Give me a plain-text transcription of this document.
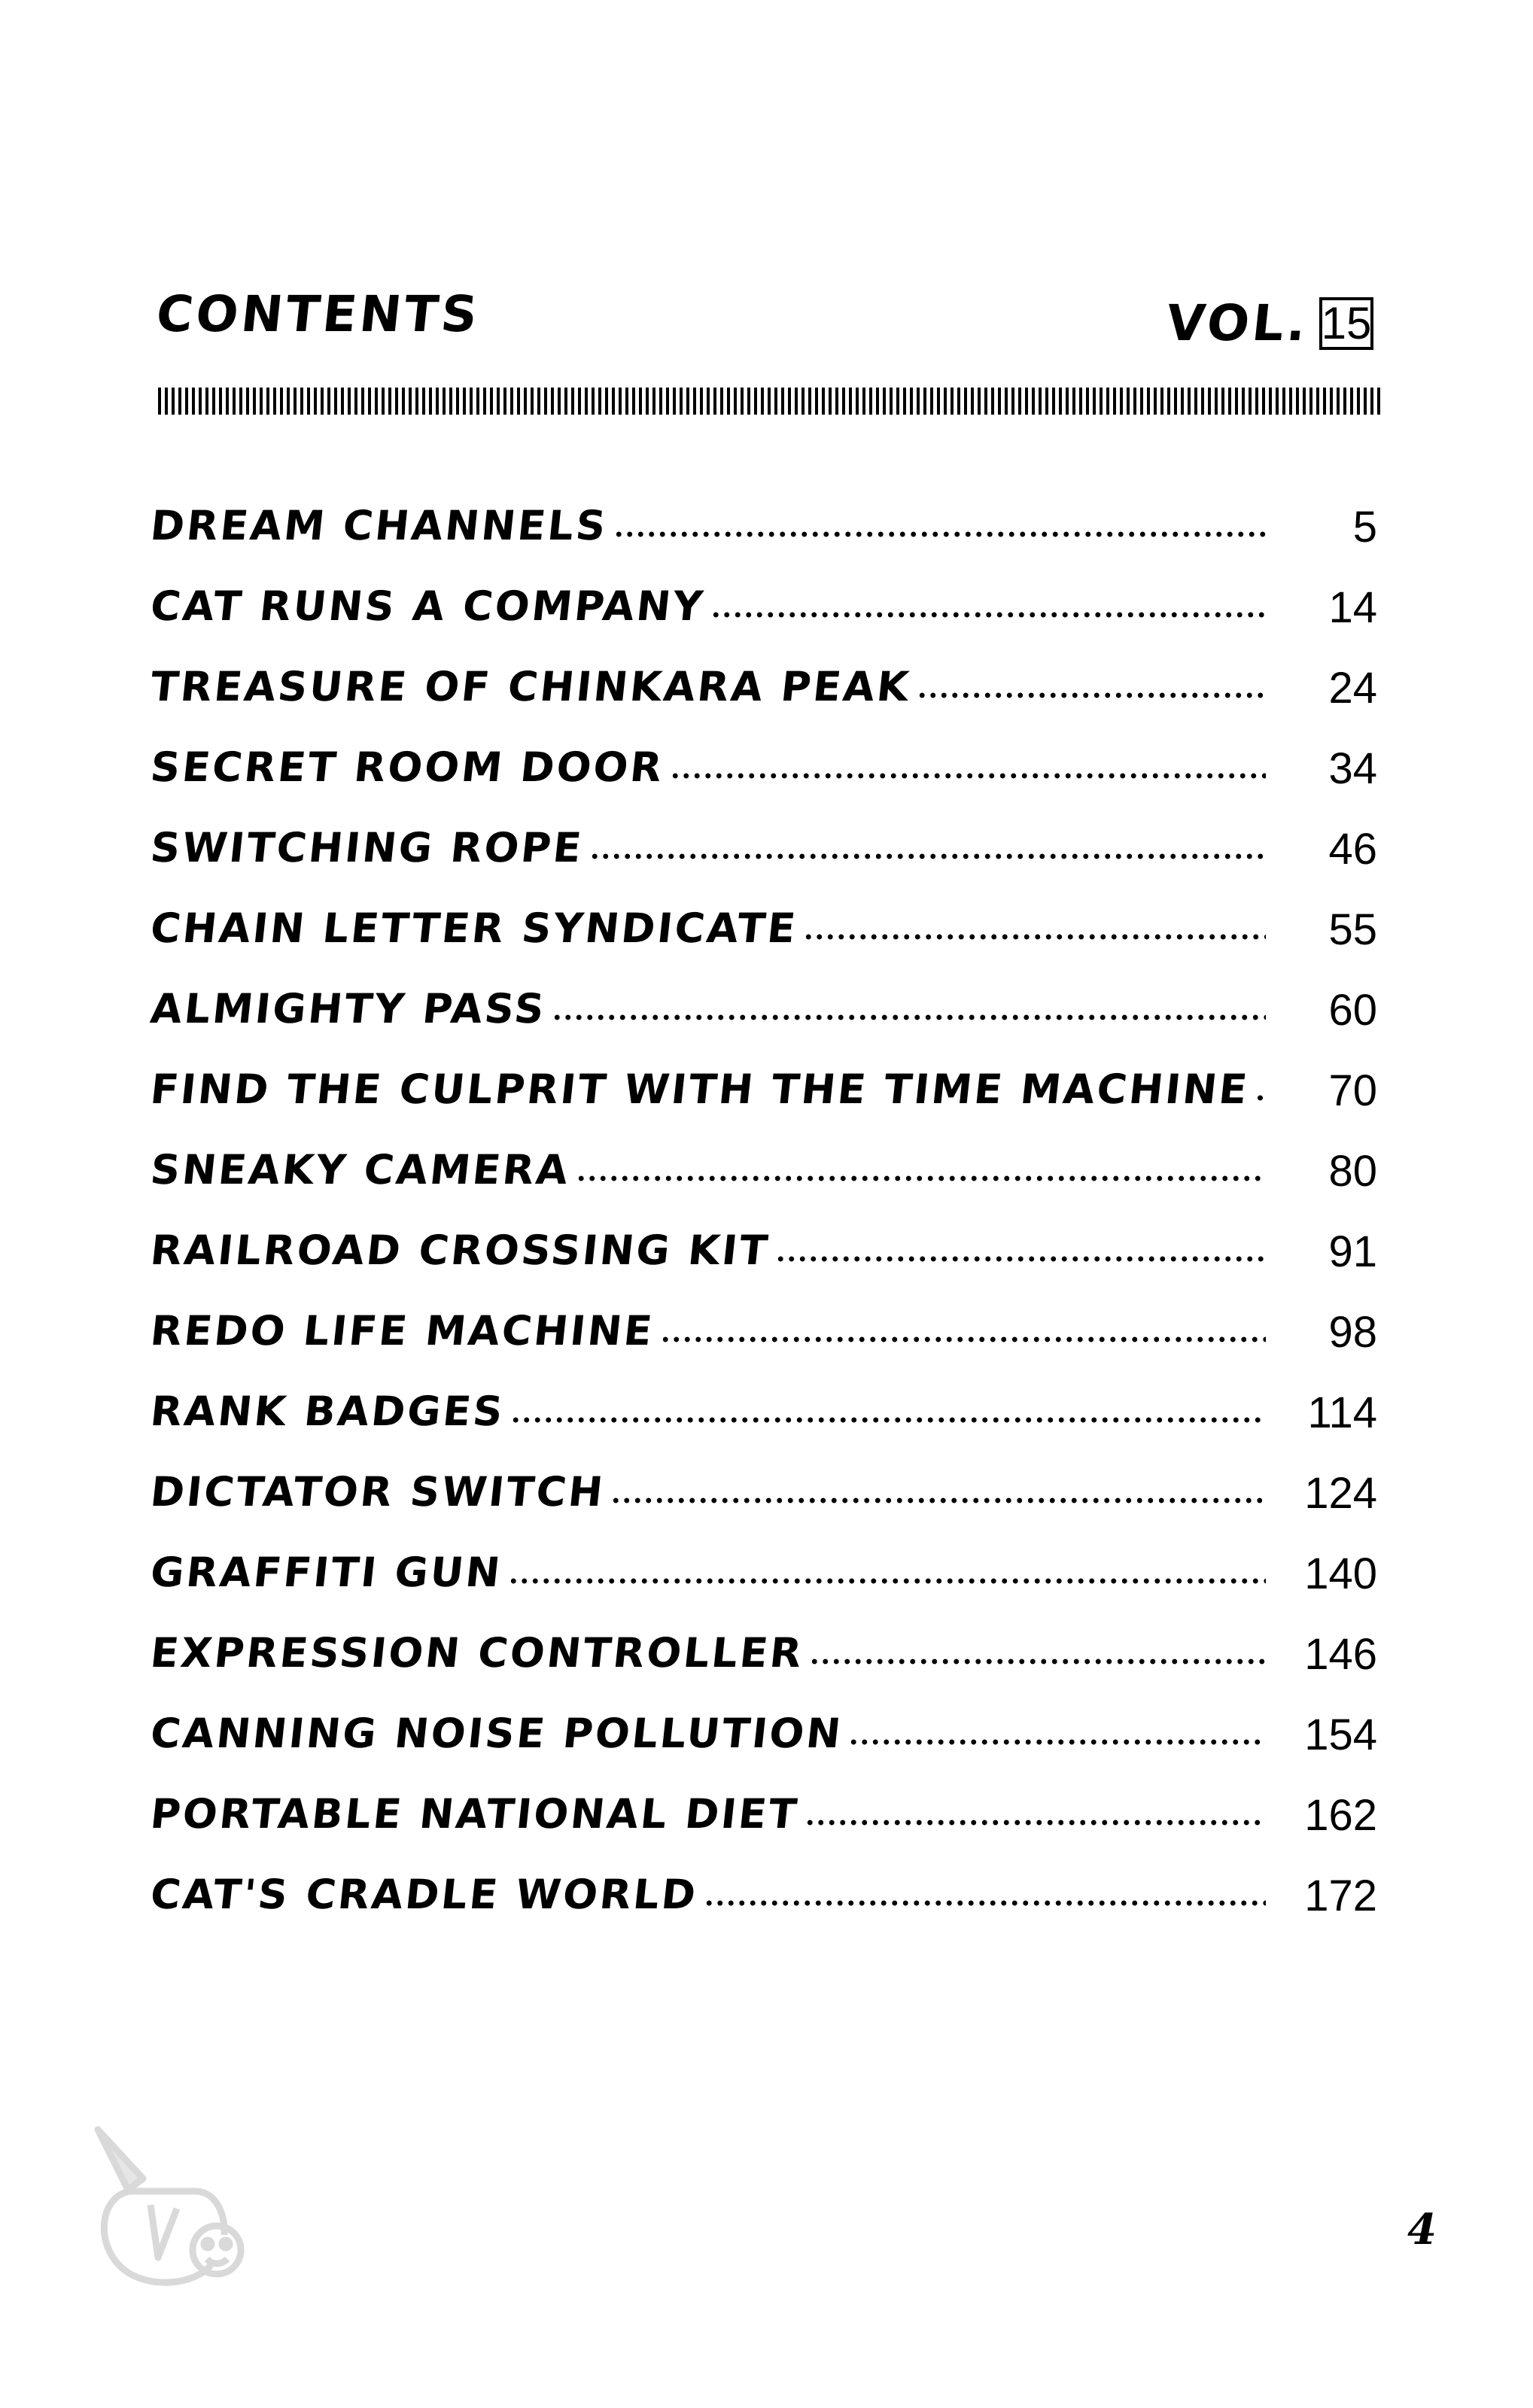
CONTENTS	VOL. 15
DREAM CHANNELS	5
CAT RUNS A COMPANY	14
TREASURE OF CHINKARA PEAK	24
SECRET ROOM DOOR	34
SWITCHING ROPE	46
CHAIN LETTER SYNDICATE	55
ALMIGHTY PASS	60
FIND THE CULPRIT WITH THE TIME MACHINE	70
SNEAKY CAMERA	80
RAILROAD CROSSING KIT	91
REDO LIFE MACHINE	98
RANK BADGES	114
DICTATOR SWITCH	124
GRAFFITI GUN	140
EXPRESSION CONTROLLER	146
CANNING NOISE POLLUTION	154
PORTABLE NATIONAL DIET	162
CAT'S CRADLE WORLD	172
4
